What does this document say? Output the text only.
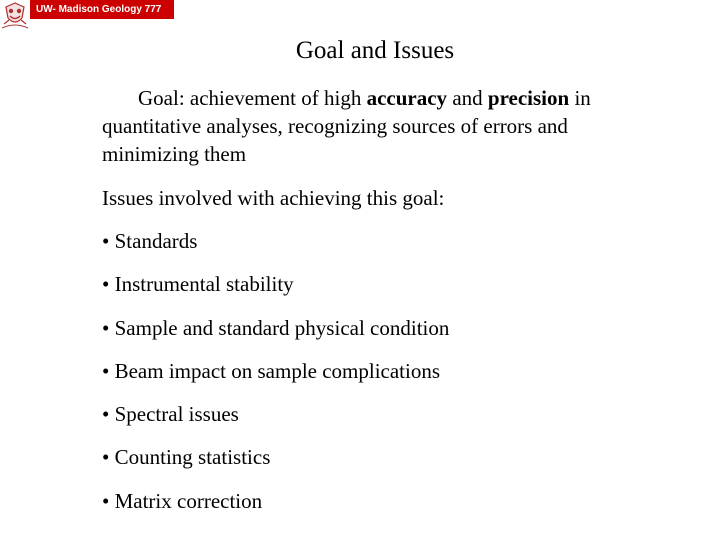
UW- Madison Geology 777
Goal and Issues
Goal: achievement of high accuracy and precision in quantitative analyses, recognizing sources of errors and minimizing them
Issues involved with achieving this goal:
• Standards
• Instrumental stability
• Sample and standard physical condition
• Beam impact on sample complications
• Spectral issues
• Counting statistics
• Matrix correction
